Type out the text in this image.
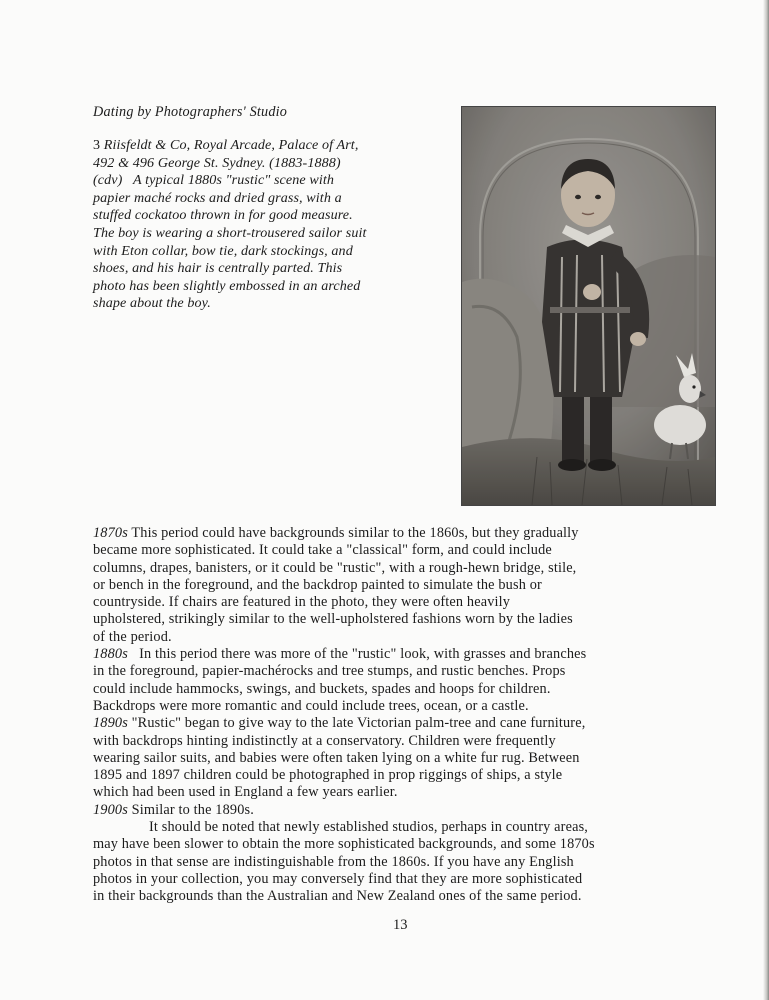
Dating by Photographers' Studio
3 Riisfeldt & Co, Royal Arcade, Palace of Art,
492 & 496 George St. Sydney. (1883-1888)
(cdv)   A typical 1880s "rustic" scene with
papier maché rocks and dried grass, with a
stuffed cockatoo thrown in for good measure.
The boy is wearing a short-trousered sailor suit
with Eton collar, bow tie, dark stockings, and
shoes, and his hair is centrally parted. This
photo has been slightly embossed in an arched
shape about the boy.
1870s This period could have backgrounds similar to the 1860s, but they gradually
became more sophisticated. It could take a "classical" form, and could include
columns, drapes, banisters, or it could be "rustic", with a rough-hewn bridge, stile,
or bench in the foreground, and the backdrop painted to simulate the bush or
countryside. If chairs are featured in the photo, they were often heavily
upholstered, strikingly similar to the well-upholstered fashions worn by the ladies
of the period.
1880s   In this period there was more of the "rustic" look, with grasses and branches
in the foreground, papier-machérocks and tree stumps, and rustic benches. Props
could include hammocks, swings, and buckets, spades and hoops for children.
Backdrops were more romantic and could include trees, ocean, or a castle.
1890s "Rustic" began to give way to the late Victorian palm-tree and cane furniture,
with backdrops hinting indistinctly at a conservatory. Children were frequently
wearing sailor suits, and babies were often taken lying on a white fur rug. Between
1895 and 1897 children could be photographed in prop riggings of ships, a style
which had been used in England a few years earlier.
1900s Similar to the 1890s.
It should be noted that newly established studios, perhaps in country areas,
may have been slower to obtain the more sophisticated backgrounds, and some 1870s
photos in that sense are indistinguishable from the 1860s. If you have any English
photos in your collection, you may conversely find that they are more sophisticated
in their backgrounds than the Australian and New Zealand ones of the same period.
13
